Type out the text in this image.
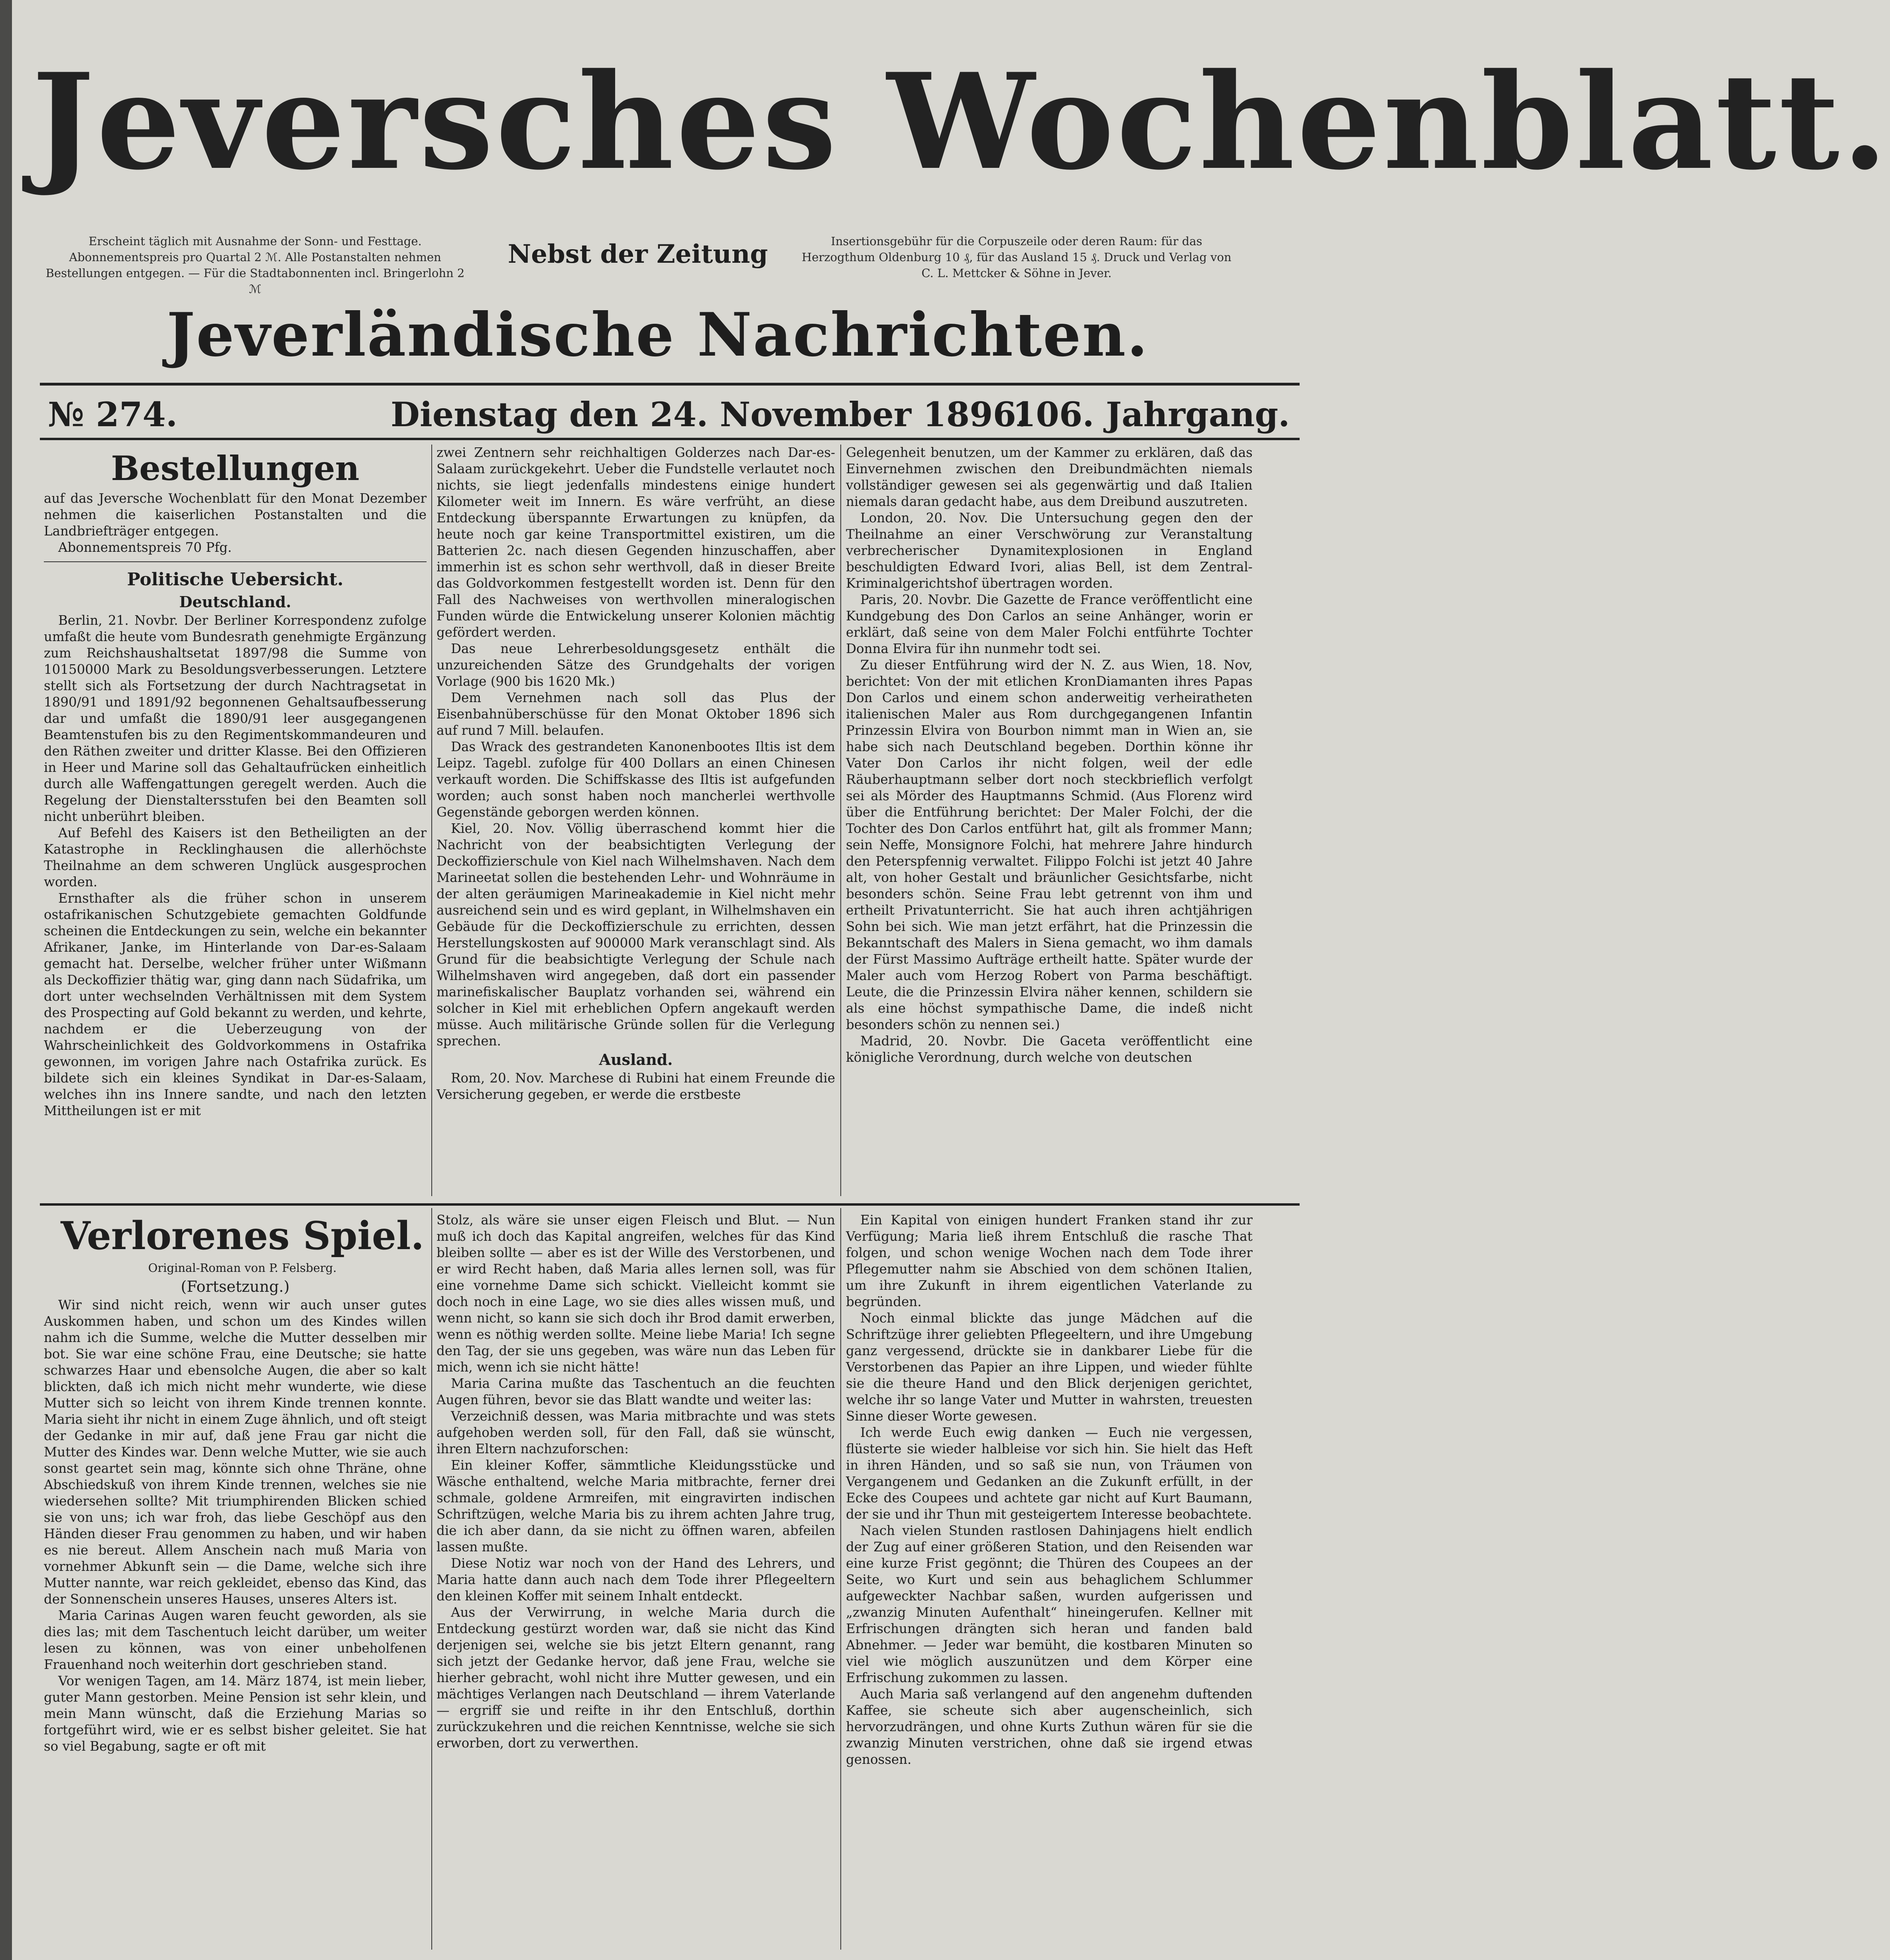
Jeversches Wochenblatt.
Erscheint täglich mit Ausnahme der Sonn- und Festtage. Abonnementspreis pro Quartal 2 ℳ. Alle Postanstalten nehmen Bestellungen entgegen. — Für die Stadtabonnenten incl. Bringerlohn 2 ℳ
Nebst der Zeitung	Insertionsgebühr für die Corpuszeile oder deren Raum: für das Herzogthum Oldenburg 10 ₰, für das Ausland 15 ₰. Druck und Verlag von C. L. Mettcker & Söhne in Jever.
Jeverländische Nachrichten.
№ 274.	Dienstag den 24. November 1896.
106. Jahrgang.

Bestellungen

auf das Jeversche Wochenblatt für den Monat Dezember nehmen die kaiserlichen Postanstalten und die Landbriefträger entgegen.

Abonnementspreis 70 Pfg.

Politische Uebersicht.

Deutschland.

Berlin, 21. Novbr. Der Berliner Korrespondenz zufolge umfaßt die heute vom Bundesrath genehmigte Ergänzung zum Reichshaushaltsetat 1897/98 die Summe von 10150000 Mark zu Besoldungsverbesserungen. Letztere stellt sich als Fortsetzung der durch Nachtragsetat in 1890/91 und 1891/92 begonnenen Gehaltsaufbesserung dar und umfaßt die 1890/91 leer ausgegangenen Beamtenstufen bis zu den Regimentskommandeuren und den Räthen zweiter und dritter Klasse. Bei den Offizieren in Heer und Marine soll das Gehaltaufrücken einheitlich durch alle Waffengattungen geregelt werden. Auch die Regelung der Dienstaltersstufen bei den Beamten soll nicht unberührt bleiben.

Auf Befehl des Kaisers ist den Betheiligten an der Katastrophe in Recklinghausen die allerhöchste Theilnahme an dem schweren Unglück ausgesprochen worden.

Ernsthafter als die früher schon in unserem ostafrikanischen Schutzgebiete gemachten Goldfunde scheinen die Entdeckungen zu sein, welche ein bekannter Afrikaner, Janke, im Hinterlande von Dar-es-Salaam gemacht hat. Derselbe, welcher früher unter Wißmann als Deckoffizier thätig war, ging dann nach Südafrika, um dort unter wechselnden Verhältnissen mit dem System des Prospecting auf Gold bekannt zu werden, und kehrte, nachdem er die Ueberzeugung von der Wahrscheinlichkeit des Goldvorkommens in Ostafrika gewonnen, im vorigen Jahre nach Ostafrika zurück. Es bildete sich ein kleines Syndikat in Dar-es-Salaam, welches ihn ins Innere sandte, und nach den letzten Mittheilungen ist er mit

zwei Zentnern sehr reichhaltigen Golderzes nach Dar-es-Salaam zurückgekehrt. Ueber die Fundstelle verlautet noch nichts, sie liegt jedenfalls mindestens einige hundert Kilometer weit im Innern. Es wäre verfrüht, an diese Entdeckung überspannte Erwartungen zu knüpfen, da heute noch gar keine Transportmittel existiren, um die Batterien 2c. nach diesen Gegenden hinzuschaffen, aber immerhin ist es schon sehr werthvoll, daß in dieser Breite das Goldvorkommen festgestellt worden ist. Denn für den Fall des Nachweises von werthvollen mineralogischen Funden würde die Entwickelung unserer Kolonien mächtig gefördert werden.

Das neue Lehrerbesoldungsgesetz enthält die unzureichenden Sätze des Grundgehalts der vorigen Vorlage (900 bis 1620 Mk.)

Dem Vernehmen nach soll das Plus der Eisenbahnüberschüsse für den Monat Oktober 1896 sich auf rund 7 Mill. belaufen.

Das Wrack des gestrandeten Kanonenbootes Iltis ist dem Leipz. Tagebl. zufolge für 400 Dollars an einen Chinesen verkauft worden. Die Schiffskasse des Iltis ist aufgefunden worden; auch sonst haben noch mancherlei werthvolle Gegenstände geborgen werden können.

Kiel, 20. Nov. Völlig überraschend kommt hier die Nachricht von der beabsichtigten Verlegung der Deckoffizierschule von Kiel nach Wilhelmshaven. Nach dem Marineetat sollen die bestehenden Lehr- und Wohnräume in der alten geräumigen Marineakademie in Kiel nicht mehr ausreichend sein und es wird geplant, in Wilhelmshaven ein Gebäude für die Deckoffizierschule zu errichten, dessen Herstellungskosten auf 900000 Mark veranschlagt sind. Als Grund für die beabsichtigte Verlegung der Schule nach Wilhelmshaven wird angegeben, daß dort ein passender marinefiskalischer Bauplatz vorhanden sei, während ein solcher in Kiel mit erheblichen Opfern angekauft werden müsse. Auch militärische Gründe sollen für die Verlegung sprechen.

Ausland.

Rom, 20. Nov. Marchese di Rubini hat einem Freunde die Versicherung gegeben, er werde die erstbeste

Gelegenheit benutzen, um der Kammer zu erklären, daß das Einvernehmen zwischen den Dreibundmächten niemals vollständiger gewesen sei als gegenwärtig und daß Italien niemals daran gedacht habe, aus dem Dreibund auszutreten.

London, 20. Nov. Die Untersuchung gegen den der Theilnahme an einer Verschwörung zur Veranstaltung verbrecherischer Dynamitexplosionen in England beschuldigten Edward Ivori, alias Bell, ist dem Zentral-Kriminalgerichtshof übertragen worden.

Paris, 20. Novbr. Die Gazette de France veröffentlicht eine Kundgebung des Don Carlos an seine Anhänger, worin er erklärt, daß seine von dem Maler Folchi entführte Tochter Donna Elvira für ihn nunmehr todt sei.

Zu dieser Entführung wird der N. Z. aus Wien, 18. Nov, berichtet: Von der mit etlichen KronDiamanten ihres Papas Don Carlos und einem schon anderweitig verheiratheten italienischen Maler aus Rom durchgegangenen Infantin Prinzessin Elvira von Bourbon nimmt man in Wien an, sie habe sich nach Deutschland begeben. Dorthin könne ihr Vater Don Carlos ihr nicht folgen, weil der edle Räuberhauptmann selber dort noch steckbrieflich verfolgt sei als Mörder des Hauptmanns Schmid. (Aus Florenz wird über die Entführung berichtet: Der Maler Folchi, der die Tochter des Don Carlos entführt hat, gilt als frommer Mann; sein Neffe, Monsignore Folchi, hat mehrere Jahre hindurch den Peterspfennig verwaltet. Filippo Folchi ist jetzt 40 Jahre alt, von hoher Gestalt und bräunlicher Gesichtsfarbe, nicht besonders schön. Seine Frau lebt getrennt von ihm und ertheilt Privatunterricht. Sie hat auch ihren achtjährigen Sohn bei sich. Wie man jetzt erfährt, hat die Prinzessin die Bekanntschaft des Malers in Siena gemacht, wo ihm damals der Fürst Massimo Aufträge ertheilt hatte. Später wurde der Maler auch vom Herzog Robert von Parma beschäftigt. Leute, die die Prinzessin Elvira näher kennen, schildern sie als eine höchst sympathische Dame, die indeß nicht besonders schön zu nennen sei.)

Madrid, 20. Novbr. Die Gaceta veröffentlicht eine königliche Verordnung, durch welche von deutschen

Verlorenes Spiel.

Original-Roman von P. Felsberg.

(Fortsetzung.)

Wir sind nicht reich, wenn wir auch unser gutes Auskommen haben, und schon um des Kindes willen nahm ich die Summe, welche die Mutter desselben mir bot. Sie war eine schöne Frau, eine Deutsche; sie hatte schwarzes Haar und ebensolche Augen, die aber so kalt blickten, daß ich mich nicht mehr wunderte, wie diese Mutter sich so leicht von ihrem Kinde trennen konnte. Maria sieht ihr nicht in einem Zuge ähnlich, und oft steigt der Gedanke in mir auf, daß jene Frau gar nicht die Mutter des Kindes war. Denn welche Mutter, wie sie auch sonst geartet sein mag, könnte sich ohne Thräne, ohne Abschiedskuß von ihrem Kinde trennen, welches sie nie wiedersehen sollte? Mit triumphirenden Blicken schied sie von uns; ich war froh, das liebe Geschöpf aus den Händen dieser Frau genommen zu haben, und wir haben es nie bereut. Allem Anschein nach muß Maria von vornehmer Abkunft sein — die Dame, welche sich ihre Mutter nannte, war reich gekleidet, ebenso das Kind, das der Sonnenschein unseres Hauses, unseres Alters ist.

Maria Carinas Augen waren feucht geworden, als sie dies las; mit dem Taschentuch leicht darüber, um weiter lesen zu können, was von einer unbeholfenen Frauenhand noch weiterhin dort geschrieben stand.

Vor wenigen Tagen, am 14. März 1874, ist mein lieber, guter Mann gestorben. Meine Pension ist sehr klein, und mein Mann wünscht, daß die Erziehung Marias so fortgeführt wird, wie er es selbst bisher geleitet. Sie hat so viel Begabung, sagte er oft mit

Stolz, als wäre sie unser eigen Fleisch und Blut. — Nun muß ich doch das Kapital angreifen, welches für das Kind bleiben sollte — aber es ist der Wille des Verstorbenen, und er wird Recht haben, daß Maria alles lernen soll, was für eine vornehme Dame sich schickt. Vielleicht kommt sie doch noch in eine Lage, wo sie dies alles wissen muß, und wenn nicht, so kann sie sich doch ihr Brod damit erwerben, wenn es nöthig werden sollte. Meine liebe Maria! Ich segne den Tag, der sie uns gegeben, was wäre nun das Leben für mich, wenn ich sie nicht hätte!

Maria Carina mußte das Taschentuch an die feuchten Augen führen, bevor sie das Blatt wandte und weiter las:

Verzeichniß dessen, was Maria mitbrachte und was stets aufgehoben werden soll, für den Fall, daß sie wünscht, ihren Eltern nachzuforschen:

Ein kleiner Koffer, sämmtliche Kleidungsstücke und Wäsche enthaltend, welche Maria mitbrachte, ferner drei schmale, goldene Armreifen, mit eingravirten indischen Schriftzügen, welche Maria bis zu ihrem achten Jahre trug, die ich aber dann, da sie nicht zu öffnen waren, abfeilen lassen mußte.

Diese Notiz war noch von der Hand des Lehrers, und Maria hatte dann auch nach dem Tode ihrer Pflegeeltern den kleinen Koffer mit seinem Inhalt entdeckt.

Aus der Verwirrung, in welche Maria durch die Entdeckung gestürzt worden war, daß sie nicht das Kind derjenigen sei, welche sie bis jetzt Eltern genannt, rang sich jetzt der Gedanke hervor, daß jene Frau, welche sie hierher gebracht, wohl nicht ihre Mutter gewesen, und ein mächtiges Verlangen nach Deutschland — ihrem Vaterlande — ergriff sie und reifte in ihr den Entschluß, dorthin zurückzukehren und die reichen Kenntnisse, welche sie sich erworben, dort zu verwerthen.

Ein Kapital von einigen hundert Franken stand ihr zur Verfügung; Maria ließ ihrem Entschluß die rasche That folgen, und schon wenige Wochen nach dem Tode ihrer Pflegemutter nahm sie Abschied von dem schönen Italien, um ihre Zukunft in ihrem eigentlichen Vaterlande zu begründen.

Noch einmal blickte das junge Mädchen auf die Schriftzüge ihrer geliebten Pflegeeltern, und ihre Umgebung ganz vergessend, drückte sie in dankbarer Liebe für die Verstorbenen das Papier an ihre Lippen, und wieder fühlte sie die theure Hand und den Blick derjenigen gerichtet, welche ihr so lange Vater und Mutter in wahrsten, treuesten Sinne dieser Worte gewesen.

Ich werde Euch ewig danken — Euch nie vergessen, flüsterte sie wieder halbleise vor sich hin. Sie hielt das Heft in ihren Händen, und so saß sie nun, von Träumen von Vergangenem und Gedanken an die Zukunft erfüllt, in der Ecke des Coupees und achtete gar nicht auf Kurt Baumann, der sie und ihr Thun mit gesteigertem Interesse beobachtete.

Nach vielen Stunden rastlosen Dahinjagens hielt endlich der Zug auf einer größeren Station, und den Reisenden war eine kurze Frist gegönnt; die Thüren des Coupees an der Seite, wo Kurt und sein aus behaglichem Schlummer aufgeweckter Nachbar saßen, wurden aufgerissen und „zwanzig Minuten Aufenthalt“ hineingerufen. Kellner mit Erfrischungen drängten sich heran und fanden bald Abnehmer. — Jeder war bemüht, die kostbaren Minuten so viel wie möglich auszunützen und dem Körper eine Erfrischung zukommen zu lassen.

Auch Maria saß verlangend auf den angenehm duftenden Kaffee, sie scheute sich aber augenscheinlich, sich hervorzudrängen, und ohne Kurts Zuthun wären für sie die zwanzig Minuten verstrichen, ohne daß sie irgend etwas genossen.
